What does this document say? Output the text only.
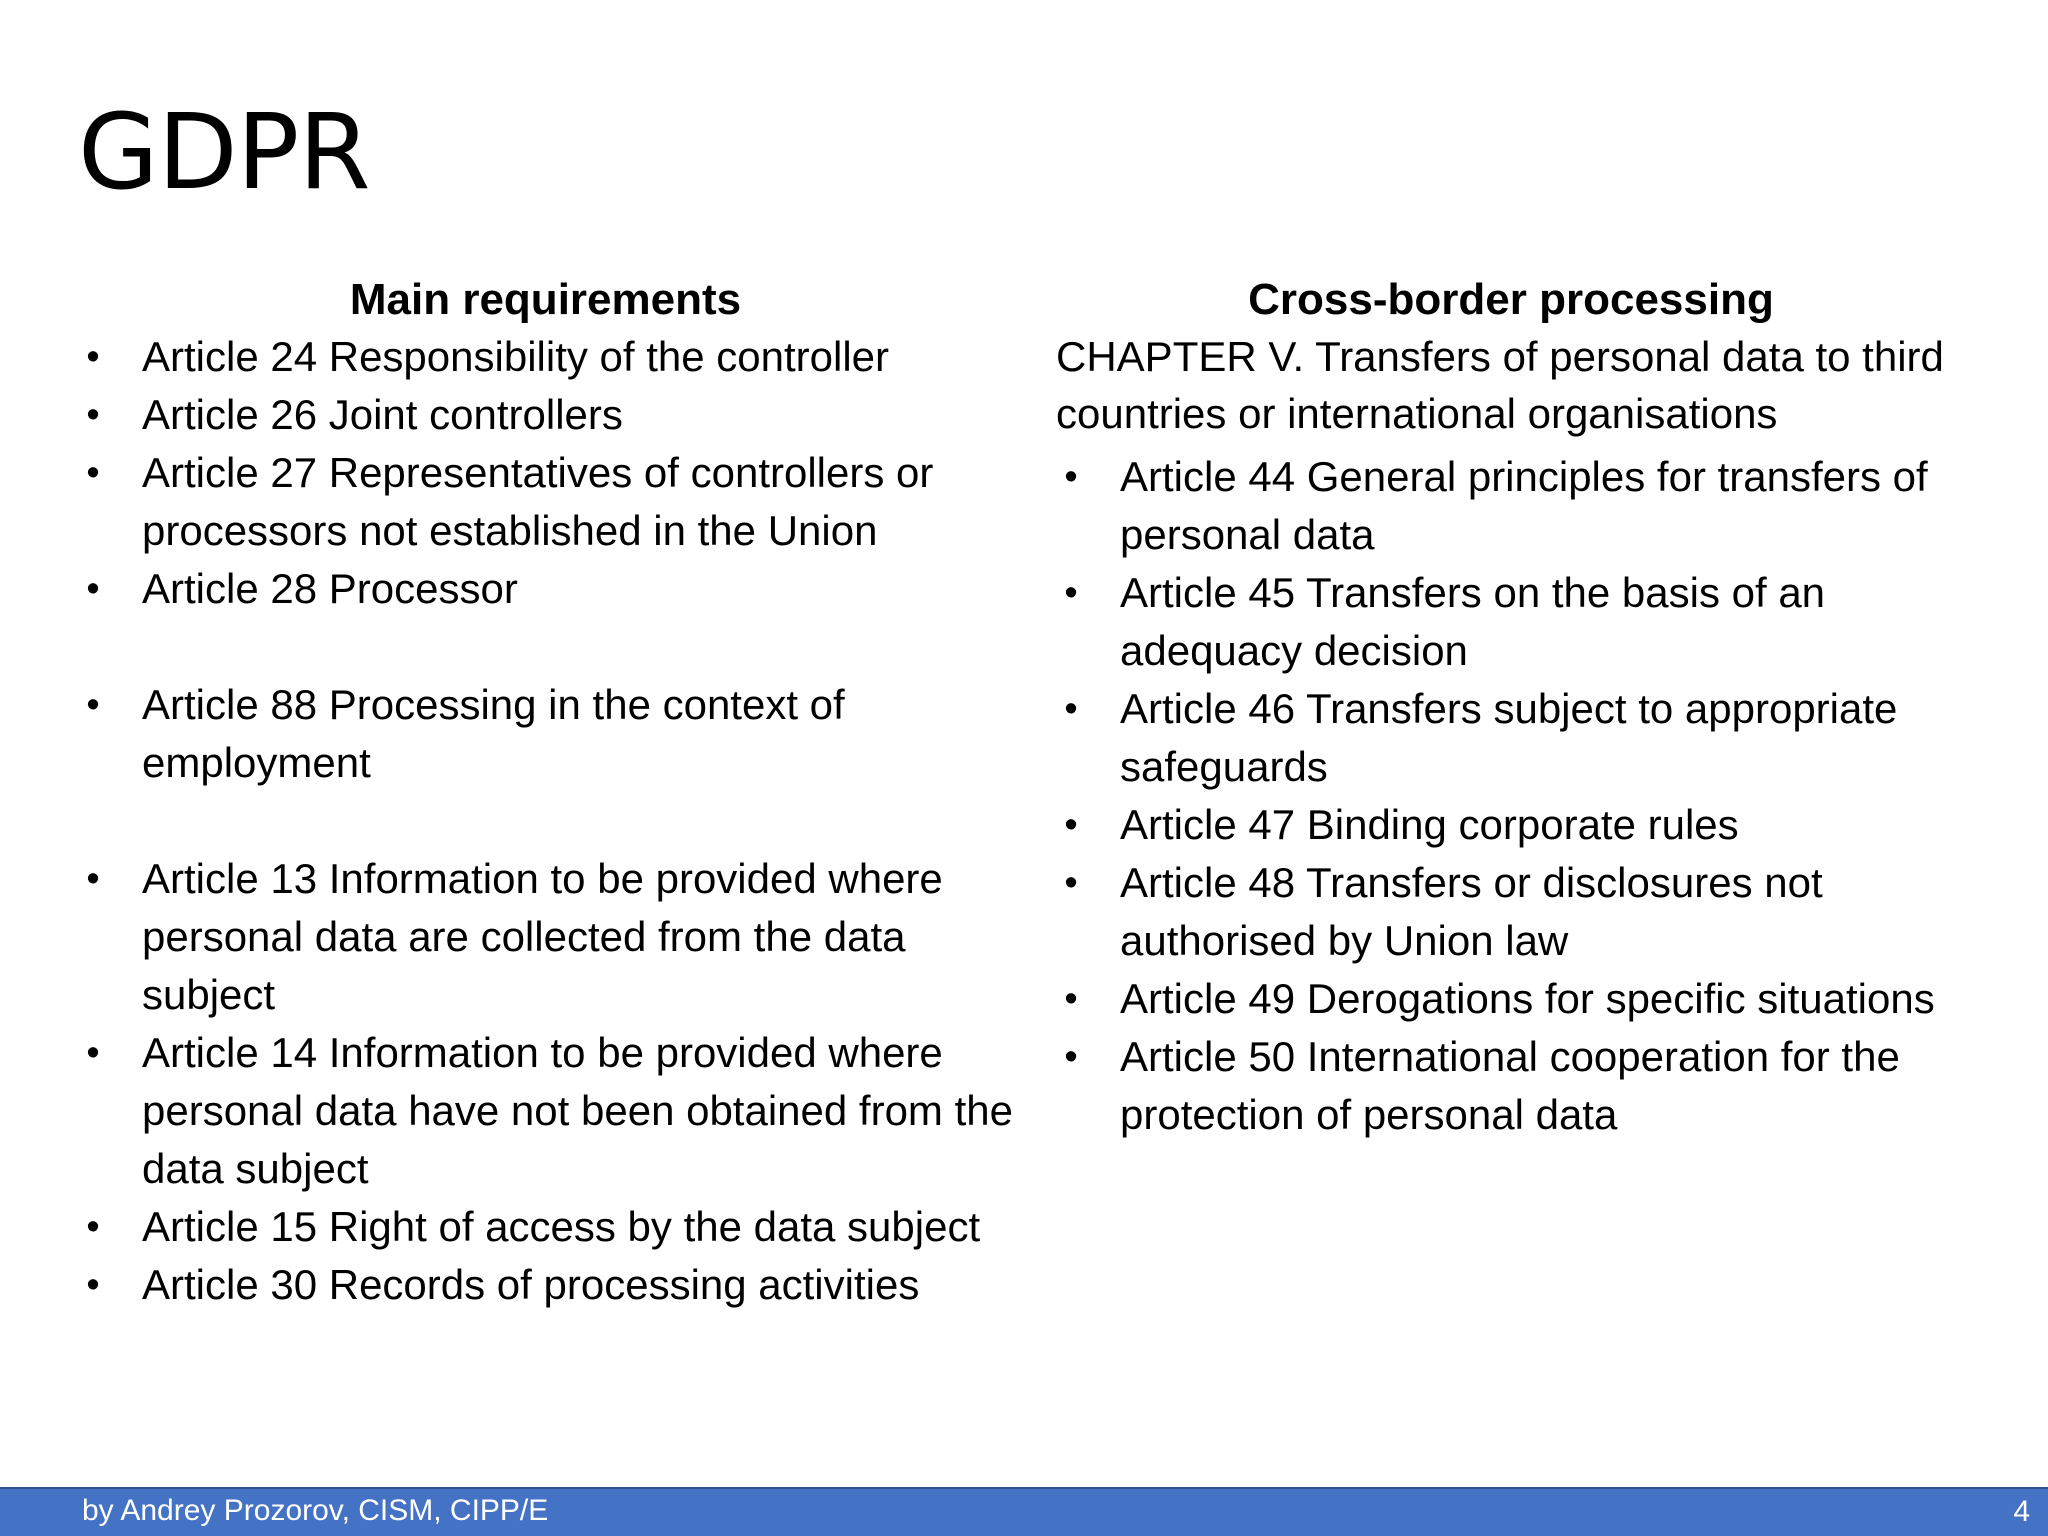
GDPR
Main requirements
• Article 24 Responsibility of the controller
• Article 26 Joint controllers
• Article 27 Representatives of controllers or processors not established in the Union
• Article 28 Processor
• Article 88 Processing in the context of employment
• Article 13 Information to be provided where personal data are collected from the data subject
• Article 14 Information to be provided where personal data have not been obtained from the data subject
• Article 15 Right of access by the data subject
• Article 30 Records of processing activities
Cross-border processing

CHAPTER V. Transfers of personal data to third countries or international organisations

• Article 44 General principles for transfers of personal data
• Article 45 Transfers on the basis of an adequacy decision
• Article 46 Transfers subject to appropriate safeguards
• Article 47 Binding corporate rules
• Article 48 Transfers or disclosures not authorised by Union law
• Article 49 Derogations for specific situations
• Article 50 International cooperation for the protection of personal data
by Andrey Prozorov, CISM, CIPP/E	4
